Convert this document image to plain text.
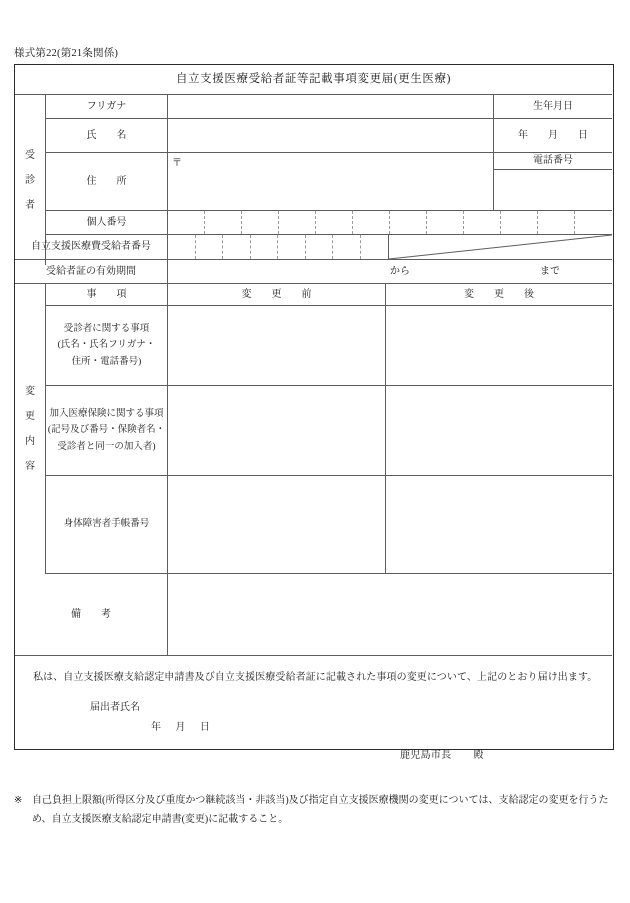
様式第22(第21条関係)
自立支援医療受給者証等記載事項変更届(更生医療)
受
診
者
フリガナ	生年月日
氏　　名	年　　月　　日
住　　所
〒	電話番号
個人番号
自立支援医療費受給者番号
受給者証の有効期間	から	まで
変
更
内
容
事　　項	変　　更　　前	変　　更　　後
受診者に関する事項
(氏名・氏名フリガナ・
住所・電話番号)
加入医療保険に関する事項
(記号及び番号・保険者名・
受診者と同一の加入者)
身体障害者手帳番号
備　　考
私は、自立支援医療支給認定申請書及び自立支援医療受給者証に記載された事項の変更について、上記のとおり届け出ます。
届出者氏名
年 月 日
鹿児島市長 殿
※ 自己負担上限額(所得区分及び重度かつ継続該当・非該当)及び指定自立支援医療機関の変更については、支給認定の変更を行うため、自立支援医療支給認定申請書(変更)に記載すること。
